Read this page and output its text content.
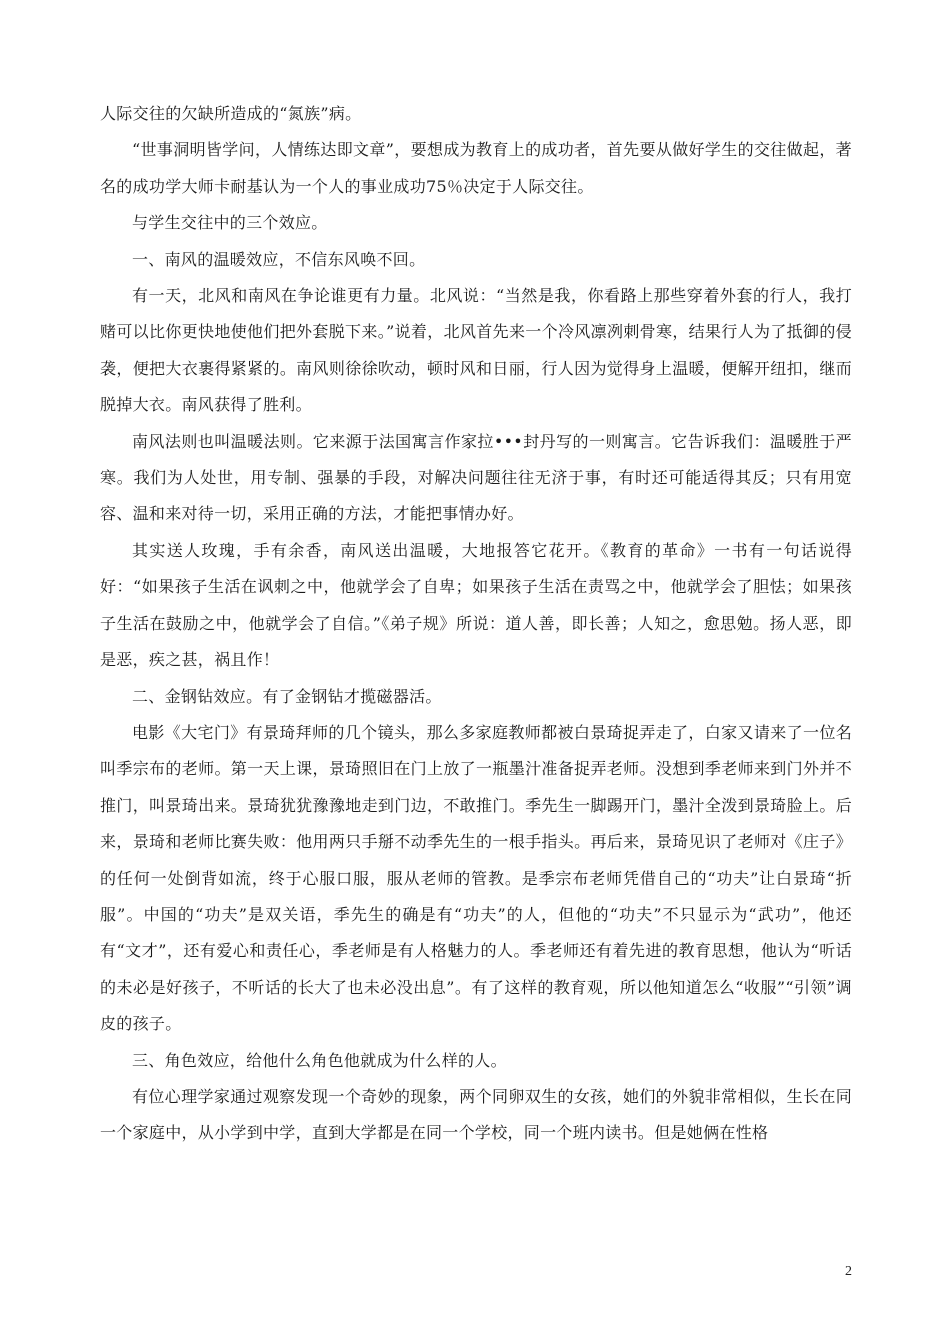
人际交往的欠缺所造成的“氮族”病。

“世事洞明皆学问，人情练达即文章”，要想成为教育上的成功者，首先要从做好学生的交往做起，著名的成功学大师卡耐基认为一个人的事业成功75％决定于人际交往。

与学生交往中的三个效应。

一、南风的温暖效应，不信东风唤不回。

有一天，北风和南风在争论谁更有力量。北风说：“当然是我，你看路上那些穿着外套的行人，我打赌可以比你更快地使他们把外套脱下来。”说着，北风首先来一个冷风凛冽刺骨寒，结果行人为了抵御的侵袭，便把大衣裹得紧紧的。南风则徐徐吹动，顿时风和日丽，行人因为觉得身上温暖，便解开纽扣，继而脱掉大衣。南风获得了胜利。

南风法则也叫温暖法则。它来源于法国寓言作家拉•••封丹写的一则寓言。它告诉我们：温暖胜于严寒。我们为人处世，用专制、强暴的手段，对解决问题往往无济于事，有时还可能适得其反；只有用宽容、温和来对待一切，采用正确的方法，才能把事情办好。

其实送人玫瑰，手有余香，南风送出温暖，大地报答它花开。《教育的革命》一书有一句话说得好：“如果孩子生活在讽刺之中，他就学会了自卑；如果孩子生活在责骂之中，他就学会了胆怯；如果孩子生活在鼓励之中，他就学会了自信。”《弟子规》所说：道人善，即长善；人知之，愈思勉。扬人恶，即是恶，疾之甚，祸且作！

二、金钢钻效应。有了金钢钻才揽磁器活。

电影《大宅门》有景琦拜师的几个镜头，那么多家庭教师都被白景琦捉弄走了，白家又请来了一位名叫季宗布的老师。第一天上课，景琦照旧在门上放了一瓶墨汁准备捉弄老师。没想到季老师来到门外并不推门，叫景琦出来。景琦犹犹豫豫地走到门边，不敢推门。季先生一脚踢开门，墨汁全泼到景琦脸上。后来，景琦和老师比赛失败：他用两只手掰不动季先生的一根手指头。再后来，景琦见识了老师对《庄子》的任何一处倒背如流，终于心服口服，服从老师的管教。是季宗布老师凭借自己的“功夫”让白景琦“折服”。中国的“功夫”是双关语，季先生的确是有“功夫”的人，但他的“功夫”不只显示为“武功”，他还有“文才”，还有爱心和责任心，季老师是有人格魅力的人。季老师还有着先进的教育思想，他认为“听话的未必是好孩子，不听话的长大了也未必没出息”。有了这样的教育观，所以他知道怎么“收服”“引领”调皮的孩子。

三、角色效应，给他什么角色他就成为什么样的人。

有位心理学家通过观察发现一个奇妙的现象，两个同卵双生的女孩，她们的外貌非常相似，生长在同一个家庭中，从小学到中学，直到大学都是在同一个学校，同一个班内读书。但是她俩在性格

2
